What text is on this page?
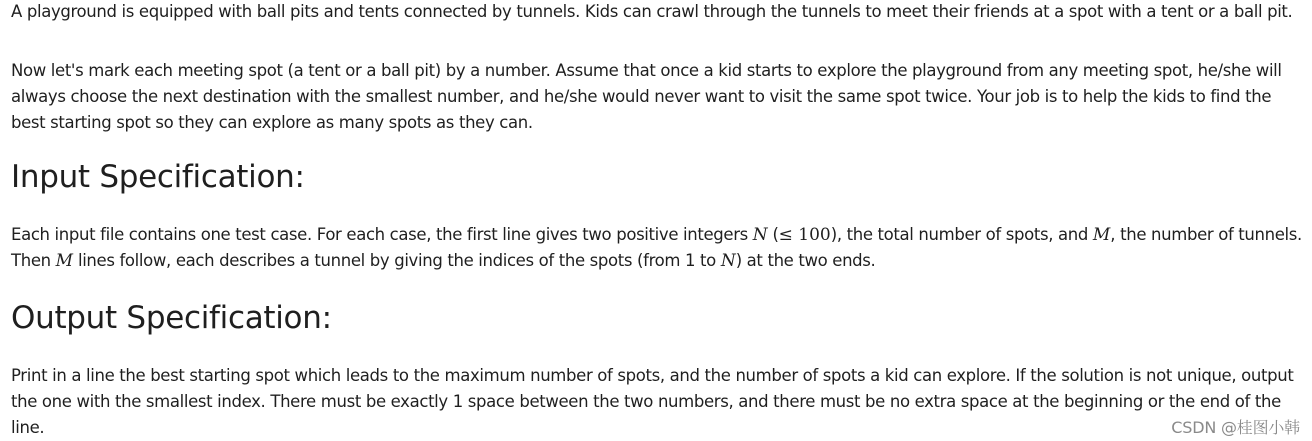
A playground is equipped with ball pits and tents connected by tunnels. Kids can crawl through the tunnels to meet their friends at a spot with a tent or a ball pit.

Now let's mark each meeting spot (a tent or a ball pit) by a number. Assume that once a kid starts to explore the playground from any meeting spot, he/she will always choose the next destination with the smallest number, and he/she would never want to visit the same spot twice. Your job is to help the kids to find the best starting spot so they can explore as many spots as they can.

Input Specification:

Each input file contains one test case. For each case, the first line gives two positive integers N (≤ 100), the total number of spots, and M, the number of tunnels. Then M lines follow, each describes a tunnel by giving the indices of the spots (from 1 to N) at the two ends.

Output Specification:

Print in a line the best starting spot which leads to the maximum number of spots, and the number of spots a kid can explore. If the solution is not unique, output the one with the smallest index. There must be exactly 1 space between the two numbers, and there must be no extra space at the beginning or the end of the line.	CSDN @桂图小韩
